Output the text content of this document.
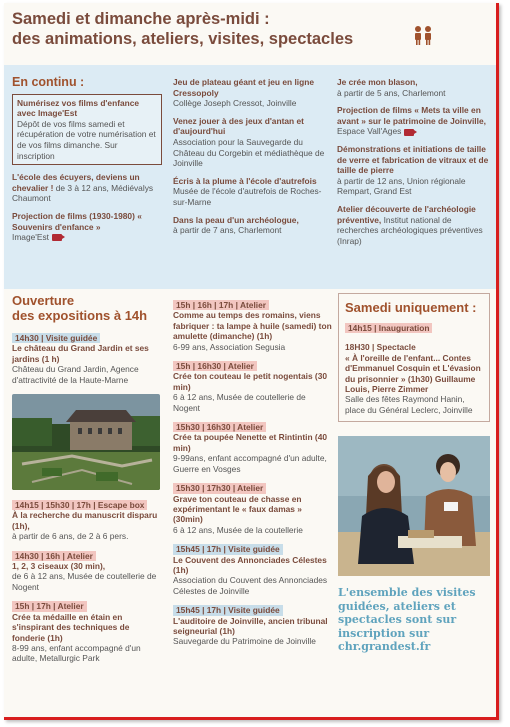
Samedi et dimanche après-midi :
des animations, ateliers, visites, spectacles
En continu :
Numérisez vos films d'enfance avec Image'Est
Dépôt de vos films samedi et récupération de votre numérisation et de vos films dimanche. Sur inscription
L'école des écuyers, deviens un chevalier ! de 3 à 12 ans, Médiévalys Chaumont
Projection de films (1930-1980) « Souvenirs d'enfance »
Image'Est
Jeu de plateau géant et jeu en ligne Cressopoly
Collège Joseph Cressot, Joinville
Venez jouer à des jeux d'antan et d'aujourd'hui
Association pour la Sauvegarde du Château du Corgebin et médiathèque de Joinville
Écris à la plume à l'école d'autrefois
Musée de l'école d'autrefois de Roches-sur-Marne
Dans la peau d'un archéologue,
à partir de 7 ans, Charlemont
Je crée mon blason,
à partir de 5 ans, Charlemont
Projection de films « Mets ta ville en avant » sur le patrimoine de Joinville, Espace Vall'Ages
Démonstrations et initiations de taille de verre et fabrication de vitraux et de taille de pierre
à partir de 12 ans, Union régionale Rempart, Grand Est
Atelier découverte de l'archéologie préventive, Institut national de recherches archéologiques préventives (Inrap)
Ouverture
des expositions à 14h
14h30 | Visite guidée
Le château du Grand Jardin et ses jardins (1 h)
Château du Grand Jardin, Agence d'attractivité de la Haute-Marne
14h15 | 15h30 | 17h | Escape box
À la recherche du manuscrit disparu (1h),
à partir de 6 ans, de 2 à 6 pers.
14h30 | 16h | Atelier
1, 2, 3 ciseaux (30 min),
de 6 à 12 ans, Musée de coutellerie de Nogent
15h | 17h | Atelier
Crée ta médaille en étain en s'inspirant des techniques de fonderie (1h)
8-99 ans, enfant accompagné d'un adulte, Metallurgic Park
15h | 16h | 17h | Atelier
Comme au temps des romains, viens fabriquer : ta lampe à huile (samedi) ton amulette (dimanche) (1h)
6-99 ans, Association Segusia
15h | 16h30 | Atelier
Crée ton couteau le petit nogentais (30 min)
6 à 12 ans, Musée de coutellerie de Nogent
15h30 | 16h30 | Atelier
Crée ta poupée Nenette et Rintintin (40 min)
9-99ans, enfant accompagné d'un adulte, Guerre en Vosges
15h30 | 17h30 | Atelier
Grave ton couteau de chasse en expérimentant le « faux damas » (30min)
6 à 12 ans, Musée de la coutellerie
15h45 | 17h | Visite guidée
Le Couvent des Annonciades Célestes (1h)
Association du Couvent des Annonciades Célestes de Joinville
15h45 | 17h | Visite guidée
L'auditoire de Joinville, ancien tribunal seigneurial (1h)
Sauvegarde du Patrimoine de Joinville
Samedi uniquement :
14h15 | Inauguration
18H30 | Spectacle
« À l'oreille de l'enfant... Contes d'Emmanuel Cosquin et L'évasion du prisonnier » (1h30) Guillaume Louis, Pierre Zimmer
Salle des fêtes Raymond Hanin, place du Général Leclerc, Joinville
L'ensemble des visites guidées, ateliers et spectacles sont sur inscription sur chr.grandest.fr
